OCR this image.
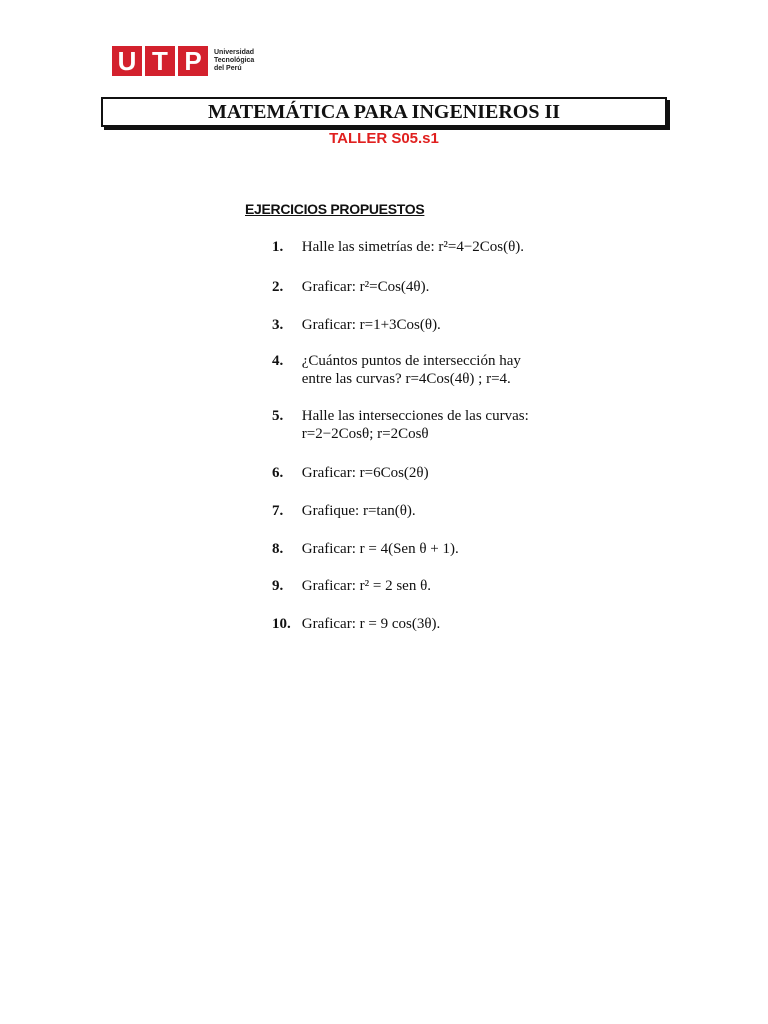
U T P	Universidad
Tecnológica
del Perú
MATEMÁTICA PARA INGENIEROS II
TALLER S05.s1
EJERCICIOS PROPUESTOS
1. Halle las simetrías de: r²=4−2Cos(θ).
2. Graficar: r²=Cos(4θ).
3. Graficar: r=1+3Cos(θ).
4. ¿Cuántos puntos de intersección hay
entre las curvas? r=4Cos(4θ) ; r=4.
5. Halle las intersecciones de las curvas:
r=2−2Cosθ; r=2Cosθ
6. Graficar: r=6Cos(2θ)
7. Grafique: r=tan(θ).
8. Graficar: r = 4(Sen θ + 1).
9. Graficar: r² = 2 sen θ.
10. Graficar: r = 9 cos(3θ).
